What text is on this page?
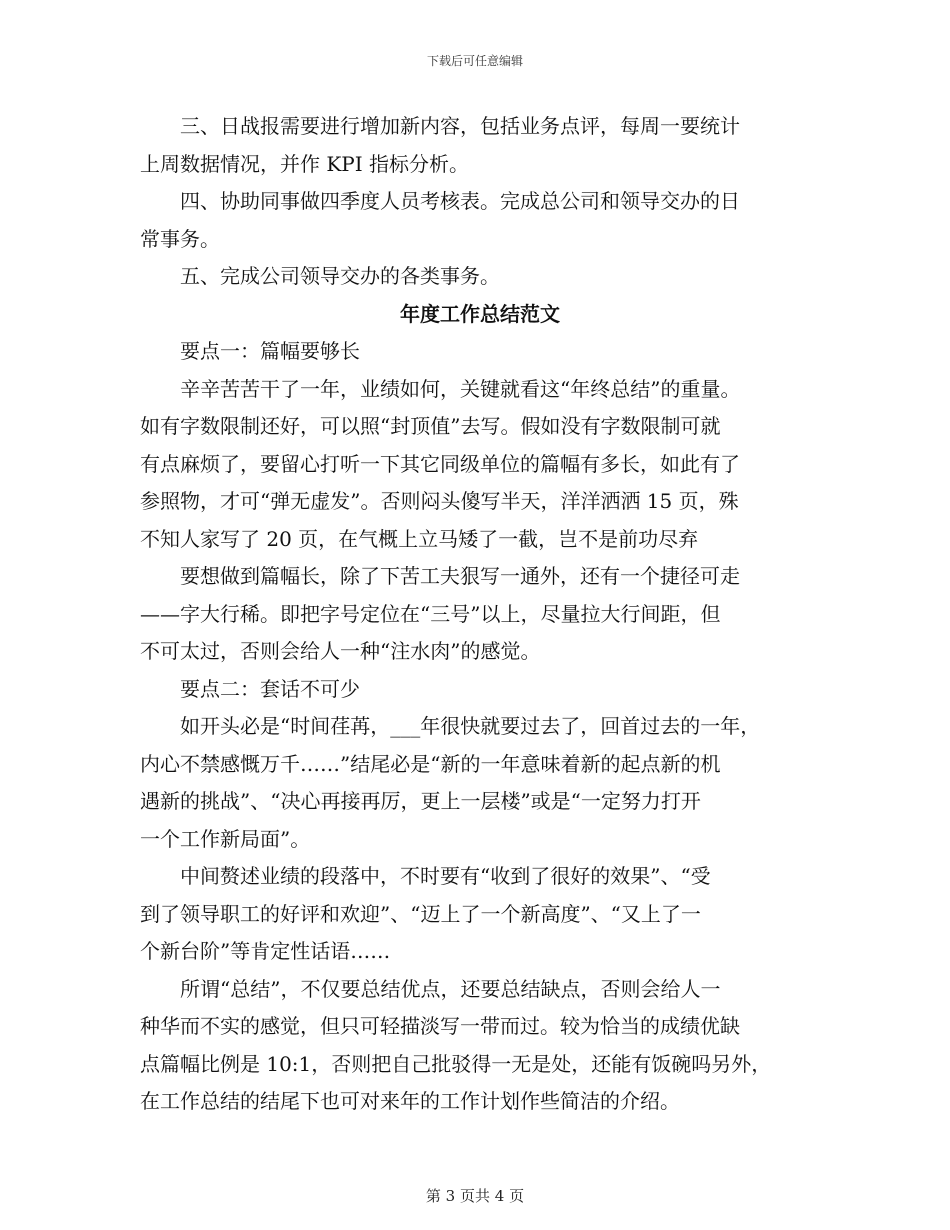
下载后可任意编辑
三、日战报需要进行增加新内容，包括业务点评，每周一要统计
上周数据情况，并作 KPI 指标分析。
四、协助同事做四季度人员考核表。完成总公司和领导交办的日
常事务。
五、完成公司领导交办的各类事务。
年度工作总结范文
要点一：篇幅要够长
辛辛苦苦干了一年，业绩如何，关键就看这“年终总结”的重量。
如有字数限制还好，可以照“封顶值”去写。假如没有字数限制可就
有点麻烦了，要留心打听一下其它同级单位的篇幅有多长，如此有了
参照物，才可“弹无虚发”。否则闷头傻写半天，洋洋洒洒 15 页，殊
不知人家写了 20 页，在气概上立马矮了一截，岂不是前功尽弃
要想做到篇幅长，除了下苦工夫狠写一通外，还有一个捷径可走
——字大行稀。即把字号定位在“三号”以上，尽量拉大行间距，但
不可太过，否则会给人一种“注水肉”的感觉。
要点二：套话不可少
如开头必是“时间荏苒，___年很快就要过去了，回首过去的一年，
内心不禁感慨万千……”结尾必是“新的一年意味着新的起点新的机
遇新的挑战”、“决心再接再厉，更上一层楼”或是“一定努力打开
一个工作新局面”。
中间赘述业绩的段落中，不时要有“收到了很好的效果”、“受
到了领导职工的好评和欢迎”、“迈上了一个新高度”、“又上了一
个新台阶”等肯定性话语……
所谓“总结”，不仅要总结优点，还要总结缺点，否则会给人一
种华而不实的感觉，但只可轻描淡写一带而过。较为恰当的成绩优缺
点篇幅比例是 10:1，否则把自己批驳得一无是处，还能有饭碗吗另外，
在工作总结的结尾下也可对来年的工作计划作些简洁的介绍。
第 3 页共 4 页
